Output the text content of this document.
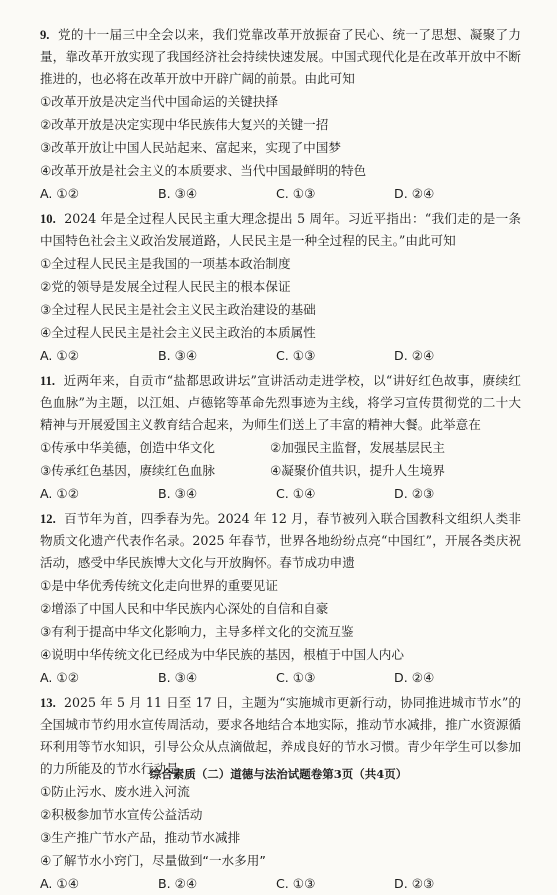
9. 党的十一届三中全会以来，我们党靠改革开放振奋了民心、统一了思想、凝聚了力量，靠改革开放实现了我国经济社会持续快速发展。中国式现代化是在改革开放中不断推进的，也必将在改革开放中开辟广阔的前景。由此可知

①改革开放是决定当代中国命运的关键抉择
②改革开放是决定实现中华民族伟大复兴的关键一招
③改革开放让中国人民站起来、富起来，实现了中国梦
④改革开放是社会主义的本质要求、当代中国最鲜明的特色
A. ①②	B. ③④	C. ①③	D. ②④

10. 2024 年是全过程人民民主重大理念提出 5 周年。习近平指出：“我们走的是一条中国特色社会主义政治发展道路，人民民主是一种全过程的民主。”由此可知

①全过程人民民主是我国的一项基本政治制度
②党的领导是发展全过程人民民主的根本保证
③全过程人民民主是社会主义民主政治建设的基础
④全过程人民民主是社会主义民主政治的本质属性
A. ①②	B. ③④	C. ①③	D. ②④

11. 近两年来，自贡市“盐都思政讲坛”宣讲活动走进学校，以“讲好红色故事，赓续红色血脉”为主题，以江姐、卢德铭等革命先烈事迹为主线，将学习宣传贯彻党的二十大精神与开展爱国主义教育结合起来，为师生们送上了丰富的精神大餐。此举意在

①传承中华美德，创造中华文化	②加强民主监督，发展基层民主
③传承红色基因，赓续红色血脉	④凝聚价值共识，提升人生境界
A. ①②	B. ③④	C. ①④	D. ②③

12. 百节年为首，四季春为先。2024 年 12 月，春节被列入联合国教科文组织人类非物质文化遗产代表作名录。2025 年春节，世界各地纷纷点亮“中国红”，开展各类庆祝活动，感受中华民族博大文化与开放胸怀。春节成功申遗

①是中华优秀传统文化走向世界的重要见证
②增添了中国人民和中华民族内心深处的自信和自豪
③有利于提高中华文化影响力，主导多样文化的交流互鉴
④说明中华传统文化已经成为中华民族的基因，根植于中国人内心
A. ①②	B. ③④	C. ①③	D. ②④

13. 2025 年 5 月 11 日至 17 日，主题为“实施城市更新行动，协同推进城市节水”的全国城市节约用水宣传周活动，要求各地结合本地实际，推动节水减排，推广水资源循环利用等节水知识，引导公众从点滴做起，养成良好的节水习惯。青少年学生可以参加的力所能及的节水行动是

①防止污水、废水进入河流
②积极参加节水宣传公益活动
③生产推广节水产品，推动节水减排
④了解节水小窍门，尽量做到“一水多用”
A. ①④	B. ②④	C. ①③	D. ②③
综合素质（二）道德与法治试题卷第3页（共4页）
